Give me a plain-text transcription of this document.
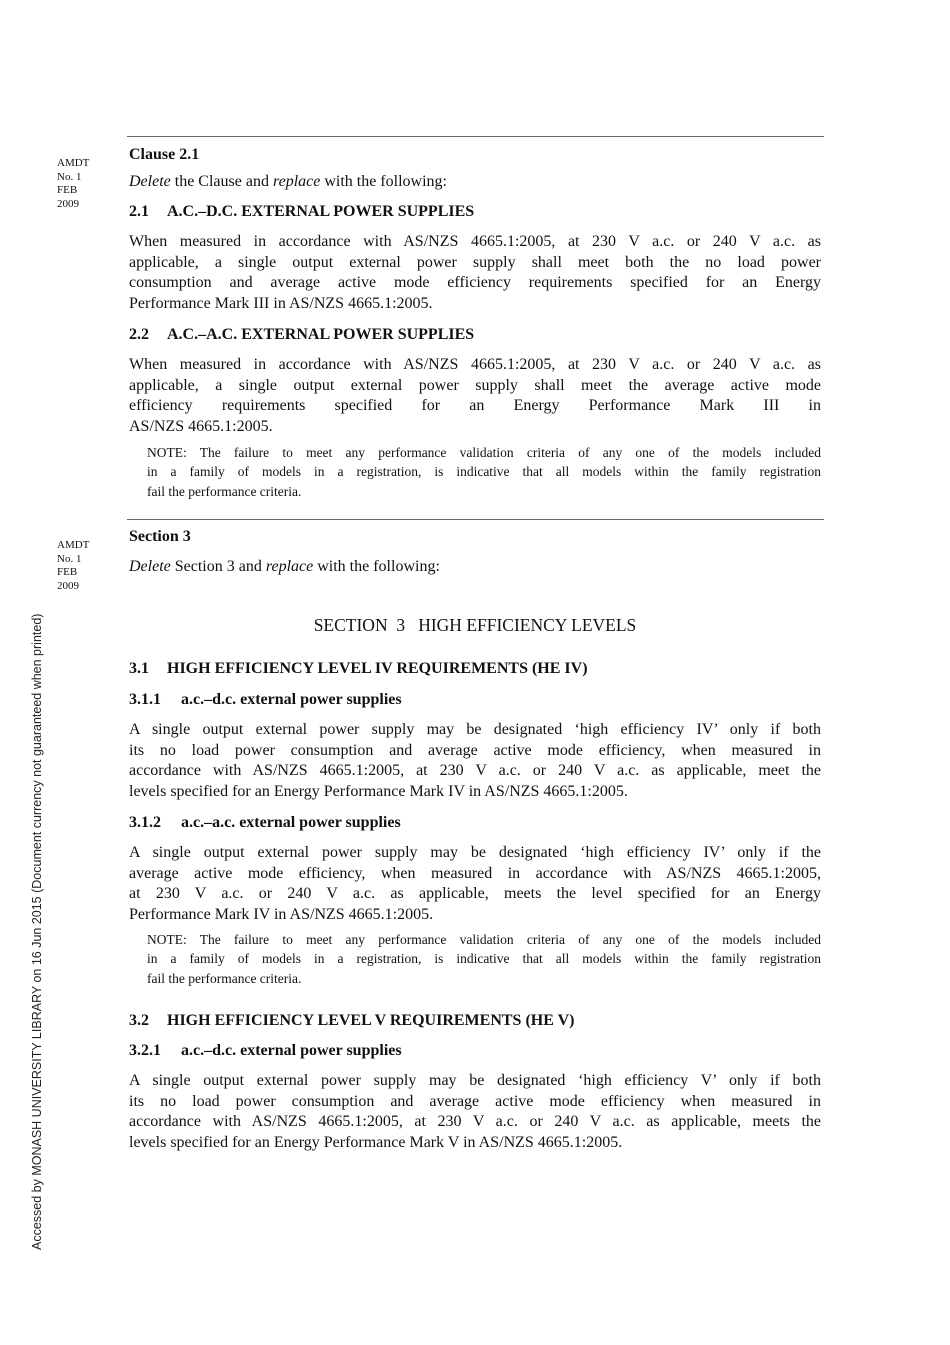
AMDT
No. 1
FEB
2009
AMDT
No. 1
FEB
2009
Accessed by MONASH UNIVERSITY LIBRARY on 16 Jun 2015 (Document currency not guaranteed when printed)
Clause 2.1
Delete the Clause and replace with the following:
2.1 A.C.–D.C. EXTERNAL POWER SUPPLIES
When measured in accordance with AS/NZS 4665.1:2005, at 230 V a.c. or 240 V a.c. as
applicable, a single output external power supply shall meet both the no load power
consumption and average active mode efficiency requirements specified for an Energy
Performance Mark III in AS/NZS 4665.1:2005.
2.2 A.C.–A.C. EXTERNAL POWER SUPPLIES
When measured in accordance with AS/NZS 4665.1:2005, at 230 V a.c. or 240 V a.c. as
applicable, a single output external power supply shall meet the average active mode
efficiency requirements specified for an Energy Performance Mark III in
AS/NZS 4665.1:2005.
NOTE: The failure to meet any performance validation criteria of any one of the models included
in a family of models in a registration, is indicative that all models within the family registration
fail the performance criteria.
Section 3
Delete Section 3 and replace with the following:
SECTION  3   HIGH EFFICIENCY LEVELS
3.1 HIGH EFFICIENCY LEVEL IV REQUIREMENTS (HE IV)
3.1.1 a.c.–d.c. external power supplies
A single output external power supply may be designated ‘high efficiency IV’ only if both
its no load power consumption and average active mode efficiency, when measured in
accordance with AS/NZS 4665.1:2005, at 230 V a.c. or 240 V a.c. as applicable, meet the
levels specified for an Energy Performance Mark IV in AS/NZS 4665.1:2005.
3.1.2 a.c.–a.c. external power supplies
A single output external power supply may be designated ‘high efficiency IV’ only if the
average active mode efficiency, when measured in accordance with AS/NZS 4665.1:2005,
at 230 V a.c. or 240 V a.c. as applicable, meets the level specified for an Energy
Performance Mark IV in AS/NZS 4665.1:2005.
NOTE: The failure to meet any performance validation criteria of any one of the models included
in a family of models in a registration, is indicative that all models within the family registration
fail the performance criteria.
3.2 HIGH EFFICIENCY LEVEL V REQUIREMENTS (HE V)
3.2.1 a.c.–d.c. external power supplies
A single output external power supply may be designated ‘high efficiency V’ only if both
its no load power consumption and average active mode efficiency when measured in
accordance with AS/NZS 4665.1:2005, at 230 V a.c. or 240 V a.c. as applicable, meets the
levels specified for an Energy Performance Mark V in AS/NZS 4665.1:2005.
